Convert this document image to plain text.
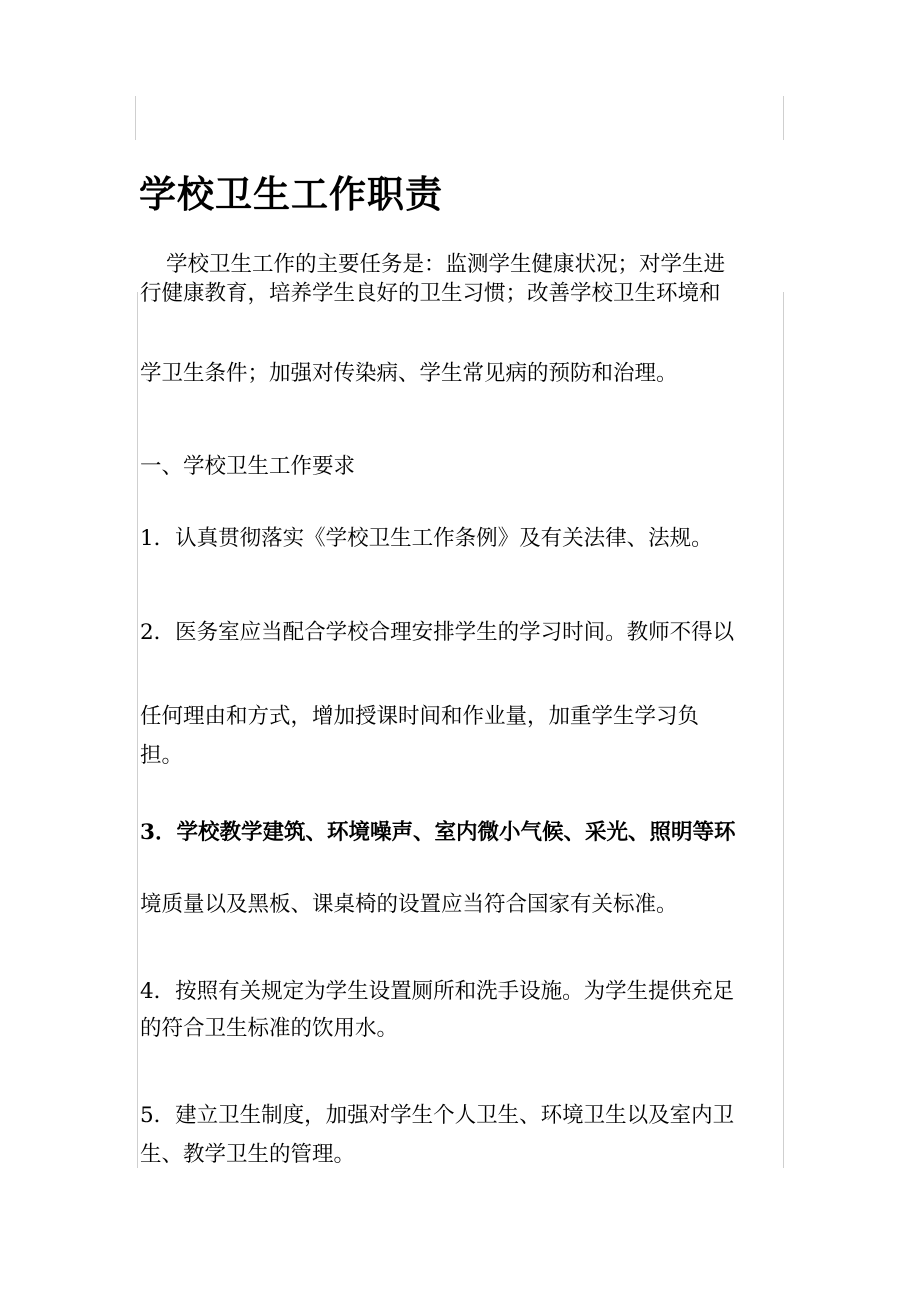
学校卫生工作职责
学校卫生工作的主要任务是：监测学生健康状况；对学生进
行健康教育，培养学生良好的卫生习惯；改善学校卫生环境和
学卫生条件；加强对传染病、学生常见病的预防和治理。
一、学校卫生工作要求
1．认真贯彻落实《学校卫生工作条例》及有关法律、法规。
2．医务室应当配合学校合理安排学生的学习时间。教师不得以
任何理由和方式，增加授课时间和作业量，加重学生学习负
担。
3．学校教学建筑、环境噪声、室内微小气候、采光、照明等环
境质量以及黑板、课桌椅的设置应当符合国家有关标准。
4．按照有关规定为学生设置厕所和洗手设施。为学生提供充足
的符合卫生标准的饮用水。
5．建立卫生制度，加强对学生个人卫生、环境卫生以及室内卫
生、教学卫生的管理。
